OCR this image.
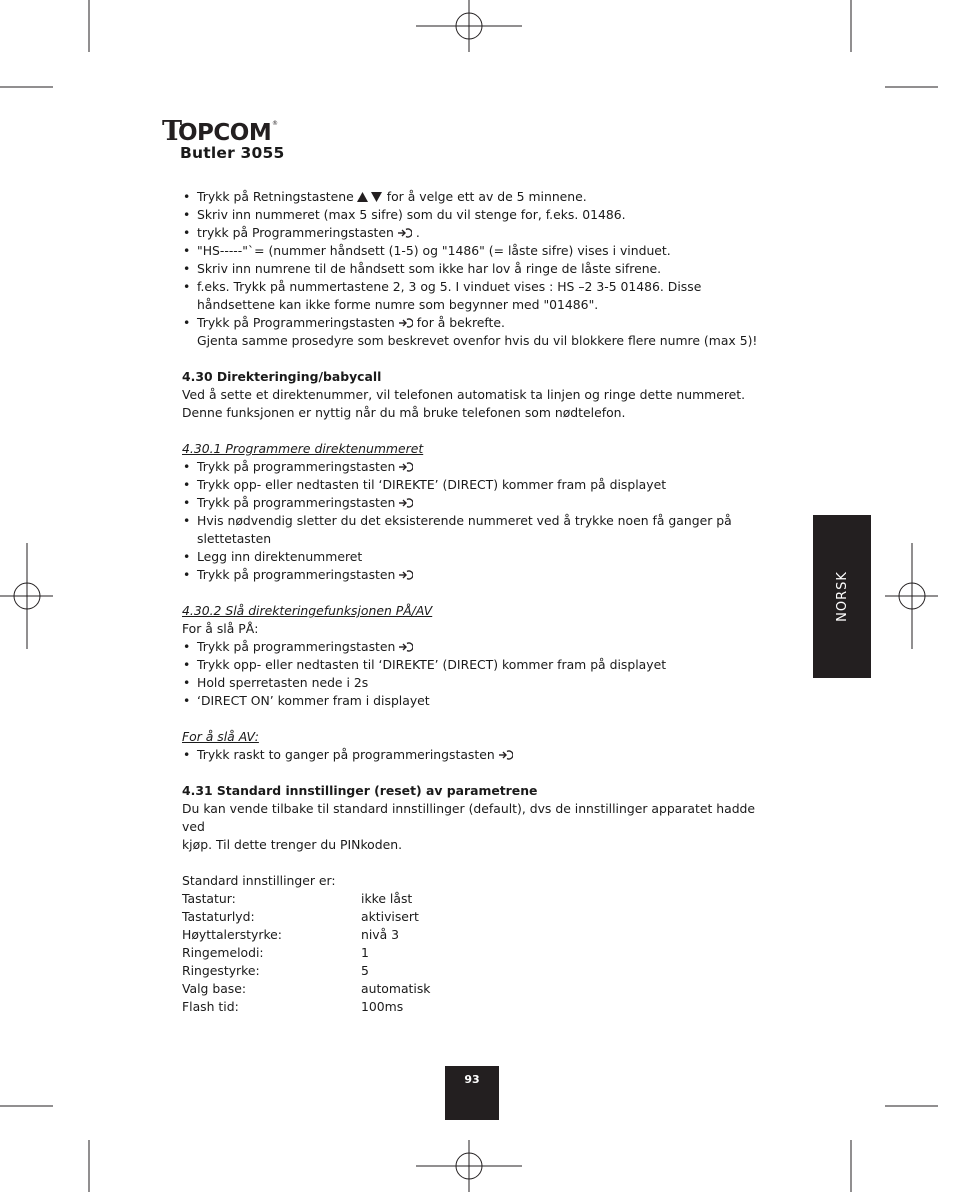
T
OPCOM ®
Butler 3055
• Trykk på Retningstastene	for å velge ett av de 5 minnene.
• Skriv inn nummeret (max 5 sifre) som du vil stenge for, f.eks. 01486.
• trykk på Programmeringstasten .
• "HS-----"`= (nummer håndsett (1-5) og "1486" (= låste sifre) vises i vinduet.
• Skriv inn numrene til de håndsett som ikke har lov å ringe de låste sifrene.
• f.eks. Trykk på nummertastene 2, 3 og 5. I vinduet vises : HS –2 3-5 01486. Disse
håndsettene kan ikke forme numre som begynner med "01486".
• Trykk på Programmeringstasten for å bekrefte.
Gjenta samme prosedyre som beskrevet ovenfor hvis du vil blokkere flere numre (max 5)!
4.30 Direkteringing/babycall
Ved å sette et direktenummer, vil telefonen automatisk ta linjen og ringe dette nummeret.
Denne funksjonen er nyttig når du må bruke telefonen som nødtelefon.
4.30.1 Programmere direktenummeret
• Trykk på programmeringstasten
• Trykk opp- eller nedtasten til ‘DIREKTE’ (DIRECT) kommer fram på displayet
• Trykk på programmeringstasten
• Hvis nødvendig sletter du det eksisterende nummeret ved å trykke noen få ganger på
slettetasten
• Legg inn direktenummeret
• Trykk på programmeringstasten
4.30.2 Slå direkteringefunksjonen PÅ/AV
For å slå PÅ:
• Trykk på programmeringstasten
• Trykk opp- eller nedtasten til ‘DIREKTE’ (DIRECT) kommer fram på displayet
• Hold sperretasten nede i 2s
• ‘DIRECT ON’ kommer fram i displayet
For å slå AV:
• Trykk raskt to ganger på programmeringstasten
4.31 Standard innstillinger (reset) av parametrene
Du kan vende tilbake til standard innstillinger (default), dvs de innstillinger apparatet hadde ved
kjøp. Til dette trenger du PINkoden.
Standard innstillinger er:
Tastatur:	ikke låst
Tastaturlyd:	aktivisert
Høyttalerstyrke:	nivå 3
Ringemelodi:	1
Ringestyrke:	5
Valg base:	automatisk
Flash tid:	100ms
NORSK
93
